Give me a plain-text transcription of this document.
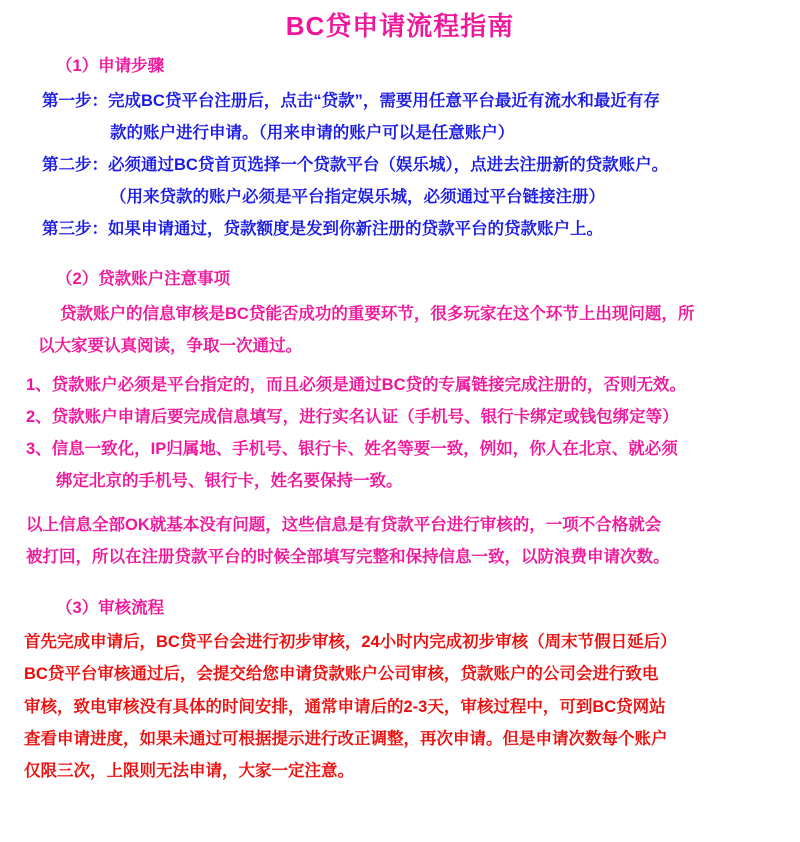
BC贷申请流程指南
（1）申请步骤
第一步：完成BC贷平台注册后，点击“贷款”，需要用任意平台最近有流水和最近有存
款的账户进行申请。（用来申请的账户可以是任意账户）
第二步：必须通过BC贷首页选择一个贷款平台（娱乐城），点进去注册新的贷款账户。
（用来贷款的账户必须是平台指定娱乐城，必须通过平台链接注册）
第三步：如果申请通过，贷款额度是发到你新注册的贷款平台的贷款账户上。
（2）贷款账户注意事项
贷款账户的信息审核是BC贷能否成功的重要环节，很多玩家在这个环节上出现问题，所
以大家要认真阅读，争取一次通过。
1、贷款账户必须是平台指定的，而且必须是通过BC贷的专属链接完成注册的，否则无效。
2、贷款账户申请后要完成信息填写，进行实名认证（手机号、银行卡绑定或钱包绑定等）
3、信息一致化，IP归属地、手机号、银行卡、姓名等要一致，例如，你人在北京、就必须
绑定北京的手机号、银行卡，姓名要保持一致。
以上信息全部OK就基本没有问题，这些信息是有贷款平台进行审核的，一项不合格就会
被打回，所以在注册贷款平台的时候全部填写完整和保持信息一致，以防浪费申请次数。
（3）审核流程
首先完成申请后，BC贷平台会进行初步审核，24小时内完成初步审核（周末节假日延后）
BC贷平台审核通过后，会提交给您申请贷款账户公司审核，贷款账户的公司会进行致电
审核，致电审核没有具体的时间安排，通常申请后的2-3天，审核过程中，可到BC贷网站
查看申请进度，如果未通过可根据提示进行改正调整，再次申请。但是申请次数每个账户
仅限三次，上限则无法申请，大家一定注意。
